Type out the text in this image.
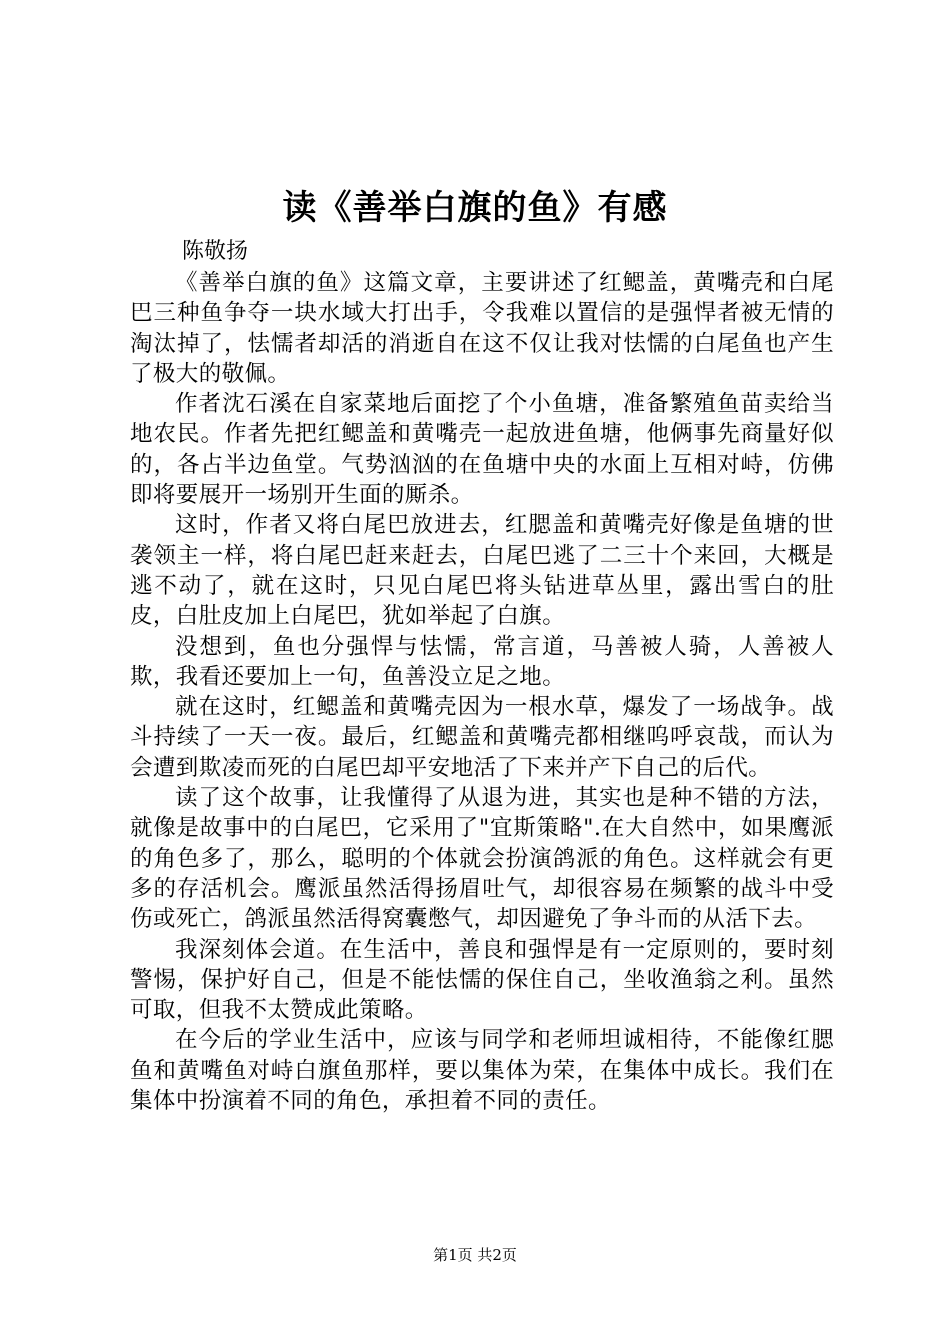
读《善举白旗的鱼》有感
陈敬扬

《善举白旗的鱼》这篇文章，主要讲述了红鳃盖，黄嘴壳和白尾巴三种鱼争夺一块水域大打出手，令我难以置信的是强悍者被无情的淘汰掉了，怯懦者却活的消逝自在这不仅让我对怯懦的白尾鱼也产生了极大的敬佩。

作者沈石溪在自家菜地后面挖了个小鱼塘，准备繁殖鱼苗卖给当地农民。作者先把红鳃盖和黄嘴壳一起放进鱼塘，他俩事先商量好似的，各占半边鱼堂。气势汹汹的在鱼塘中央的水面上互相对峙，仿佛即将要展开一场别开生面的厮杀。

这时，作者又将白尾巴放进去，红腮盖和黄嘴壳好像是鱼塘的世袭领主一样，将白尾巴赶来赶去，白尾巴逃了二三十个来回，大概是逃不动了，就在这时，只见白尾巴将头钻进草丛里，露出雪白的肚皮，白肚皮加上白尾巴，犹如举起了白旗。

没想到，鱼也分强悍与怯懦，常言道，马善被人骑，人善被人欺，我看还要加上一句，鱼善没立足之地。

就在这时，红鳃盖和黄嘴壳因为一根水草，爆发了一场战争。战斗持续了一天一夜。最后，红鳃盖和黄嘴壳都相继呜呼哀哉，而认为会遭到欺凌而死的白尾巴却平安地活了下来并产下自己的后代。

读了这个故事，让我懂得了从退为进，其实也是种不错的方法，就像是故事中的白尾巴，它采用了"宜斯策略".在大自然中，如果鹰派的角色多了，那么，聪明的个体就会扮演鸽派的角色。这样就会有更多的存活机会。鹰派虽然活得扬眉吐气，却很容易在频繁的战斗中受伤或死亡，鸽派虽然活得窝囊憋气，却因避免了争斗而的从活下去。

我深刻体会道。在生活中，善良和强悍是有一定原则的，要时刻警惕，保护好自己，但是不能怯懦的保住自己，坐收渔翁之利。虽然可取，但我不太赞成此策略。

在今后的学业生活中，应该与同学和老师坦诚相待，不能像红腮鱼和黄嘴鱼对峙白旗鱼那样，要以集体为荣，在集体中成长。我们在集体中扮演着不同的角色，承担着不同的责任。

第1页 共2页
